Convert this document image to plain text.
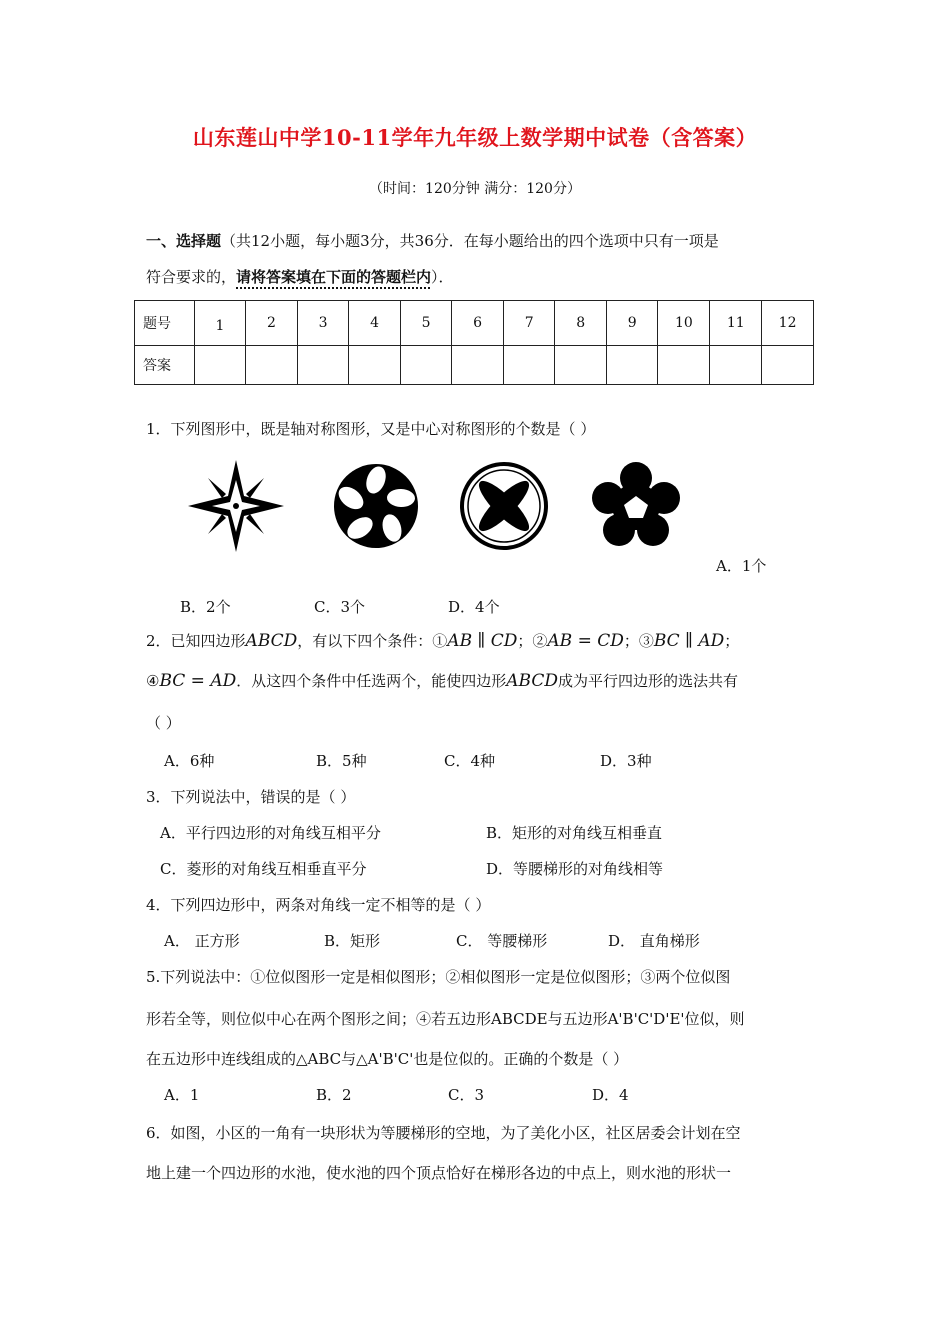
山东莲山中学10-11学年九年级上数学期中试卷（含答案）
（时间：120分钟 满分：120分）
一、选择题（共12小题，每小题3分，共36分．在每小题给出的四个选项中只有一项是
符合要求的，请将答案填在下面的答题栏内）．
题号	1	2	3	4	5	6	7	8	9	10	11	12
答案												
1．下列图形中，既是轴对称图形，又是中心对称图形的个数是（ ）
A．1个
B．2个	C．3个	D．4个
2．已知四边形ABCD，有以下四个条件：①AB ∥ CD；②AB = CD；③BC ∥ AD；
④BC = AD．从这四个条件中任选两个，能使四边形ABCD成为平行四边形的选法共有
（ ）
A．6种	B．5种	C．4种	D．3种
3．下列说法中，错误的是（ ）
A．平行四边形的对角线互相平分	B．矩形的对角线互相垂直
C．菱形的对角线互相垂直平分	D．等腰梯形的对角线相等
4．下列四边形中，两条对角线一定不相等的是（ ）
A． 正方形	B．矩形	C． 等腰梯形	D． 直角梯形
5.下列说法中：①位似图形一定是相似图形；②相似图形一定是位似图形；③两个位似图
形若全等，则位似中心在两个图形之间；④若五边形ABCDE与五边形A'B'C'D'E'位似，则
在五边形中连线组成的△ABC与△A'B'C'也是位似的。正确的个数是（ ）
A．1	B．2	C．3	D．4
6．如图，小区的一角有一块形状为等腰梯形的空地，为了美化小区，社区居委会计划在空
地上建一个四边形的水池，使水池的四个顶点恰好在梯形各边的中点上，则水池的形状一
